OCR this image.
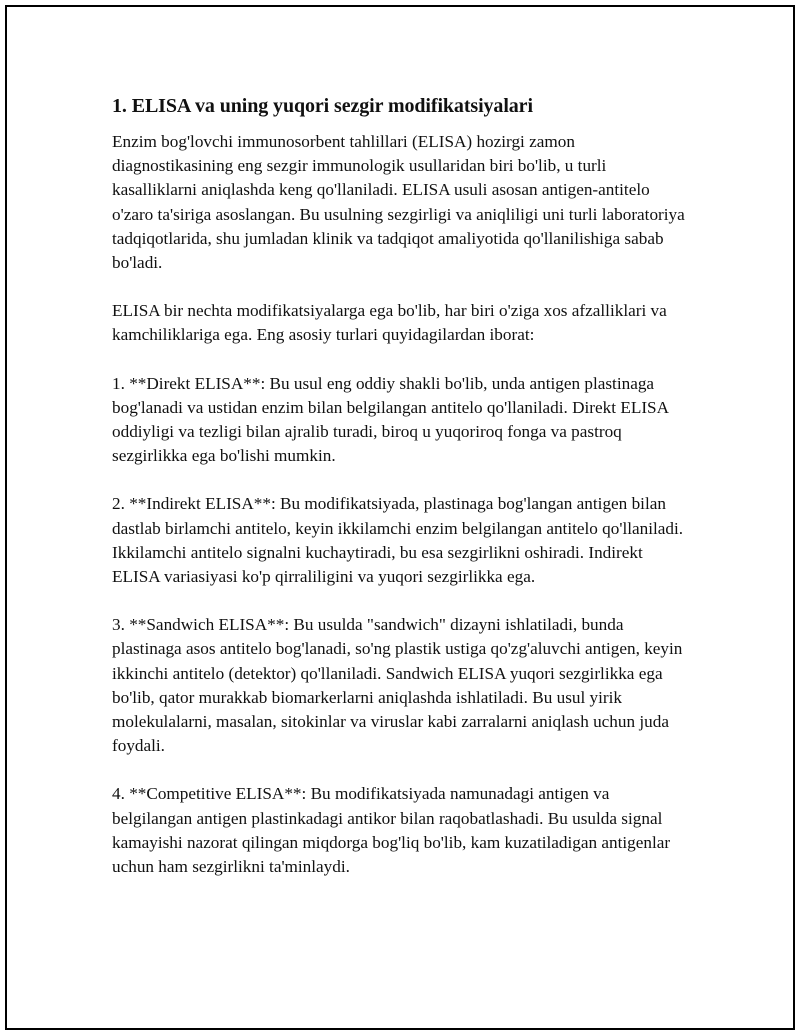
1. ELISA va uning yuqori sezgir modifikatsiyalari

Enzim bog'lovchi immunosorbent tahlillari (ELISA) hozirgi zamon diagnostikasining eng sezgir immunologik usullaridan biri bo'lib, u turli kasalliklarni aniqlashda keng qo'llaniladi. ELISA usuli asosan antigen-antitelo o'zaro ta'siriga asoslangan. Bu usulning sezgirligi va aniqliligi uni turli laboratoriya tadqiqotlarida, shu jumladan klinik va tadqiqot amaliyotida qo'llanilishiga sabab bo'ladi.

ELISA bir nechta modifikatsiyalarga ega bo'lib, har biri o'ziga xos afzalliklari va kamchiliklariga ega. Eng asosiy turlari quyidagilardan iborat:

1. **Direkt ELISA**: Bu usul eng oddiy shakli bo'lib, unda antigen plastinaga bog'lanadi va ustidan enzim bilan belgilangan antitelo qo'llaniladi. Direkt ELISA oddiyligi va tezligi bilan ajralib turadi, biroq u yuqoriroq fonga va pastroq sezgirlikka ega bo'lishi mumkin.

2. **Indirekt ELISA**: Bu modifikatsiyada, plastinaga bog'langan antigen bilan dastlab birlamchi antitelo, keyin ikkilamchi enzim belgilangan antitelo qo'llaniladi. Ikkilamchi antitelo signalni kuchaytiradi, bu esa sezgirlikni oshiradi. Indirekt ELISA variasiyasi ko'p qirraliligini va yuqori sezgirlikka ega.

3. **Sandwich ELISA**: Bu usulda "sandwich" dizayni ishlatiladi, bunda plastinaga asos antitelo bog'lanadi, so'ng plastik ustiga qo'zg'aluvchi antigen, keyin ikkinchi antitelo (detektor) qo'llaniladi. Sandwich ELISA yuqori sezgirlikka ega bo'lib, qator murakkab biomarkerlarni aniqlashda ishlatiladi. Bu usul yirik molekulalarni, masalan, sitokinlar va viruslar kabi zarralarni aniqlash uchun juda foydali.

4. **Competitive ELISA**: Bu modifikatsiyada namunadagi antigen va belgilangan antigen plastinkadagi antikor bilan raqobatlashadi. Bu usulda signal kamayishi nazorat qilingan miqdorga bog'liq bo'lib, kam kuzatiladigan antigenlar uchun ham sezgirlikni ta'minlaydi.
